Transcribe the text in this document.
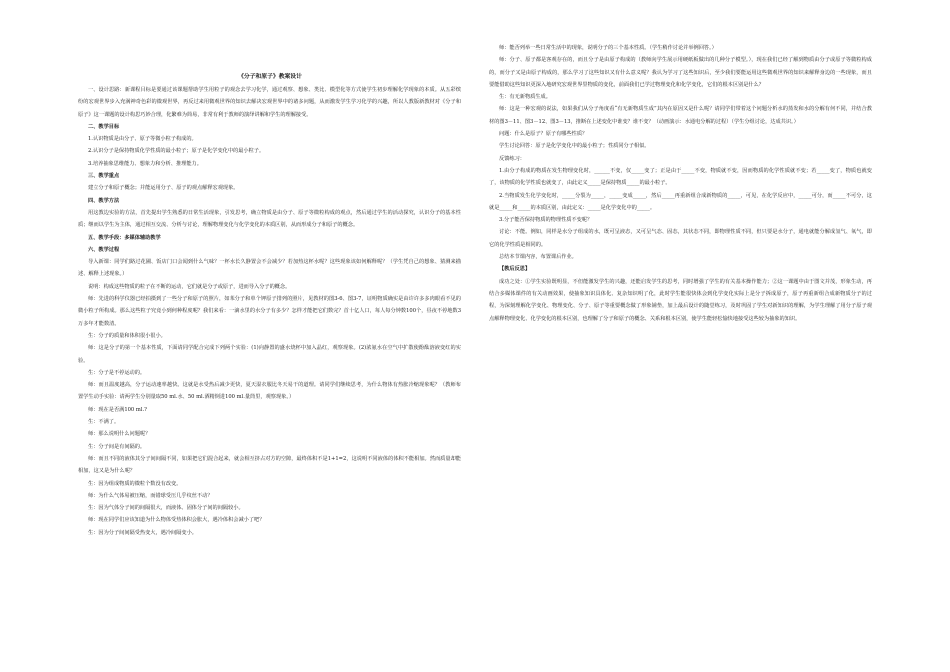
《分子和原子》教案设计

一、设计思路：新课程目标是要通过该课题帮助学生用粒子的观念去学习化学，通过观察、想象、类比、模型化等方式使学生初步理解化学现象的本质。从五彩缤纷的宏观世界步入充满神奇色彩的微观世界，再反过来用微观世界的知识去解决宏观世界中的诸多问题，从而激发学生学习化学的兴趣，所以人教版新教材对《分子和原子》这一课题的设计构思巧妙合理，化繁难为简易，非常有利于教师的演绎讲解和学生的理解接受。

二、教学目标

1.认识物质是由分子、原子等微小粒子构成的。

2.认识分子是保持物质化学性质的最小粒子；原子是化学变化中的最小粒子。

3.培养抽象思维能力、想象力和分析、推理能力。

三、教学重点

建立分子和原子概念；并能运用分子、原子的观点解释宏观现象。

四、教学方法

用这教边实验的方法，首先提出学生熟悉的日常生活现象，引发思考，确立物质是由分子、原子等微粒构成的观点，然后通过学生的活动探究，认识分子的基本性质；继而以学生为主体，通过相互交流、分析与讨论，理解物理变化与化学变化的本质区别，从而形成分子和原子的概念。

五、教学手段：多媒体辅助教学

六、教学过程

导入新课：同学们路过花圃、饭店门口会闻到什么气味？一杯水长久静置会不会减少？若加热这杯水呢？这些现象该如何解释呢？（学生凭自己的想象、猜测来描述、解释上述现象。）

说明：构成这些物质的粒子在不断的运动，它们就是分子或原子，进而导入分子的概念。

师：先进的科学仪器已经拍摄到了一些分子和原子的照片，如苯分子和单个钾原子排列的照片，见教材的图3-6、图3-7，证明物质确实是由许许多多肉眼看不见的微小粒子所构成。那么这些粒子究竟小到何种程度呢？我们来看：一滴水里的水分子有多少？怎样才能把它们数完？首十亿人口，每人每分钟数100个，昼夜不停地数3万多年才能数清。

生：分子的质量和体积很小很小。

师：这是分子的第一个基本性质，下面请同学配合完成下列两个实验：(1)向静置的盛水烧杯中加入晶红，观察现象。(2)浓氨水在空气中扩散使酚酞溶液变红的实验。

生：分子是不停运动的。

师：而且温度越高，分子运动速率越快。这就是水受热后减少更快，夏天湿衣服比冬天易干的道理。请同学们继续思考，为什么物体有热胀冷缩现象呢？（教师布置学生动手实验：请两学生分别量取50 ml.水、50 ml.酒精倒进100 ml.量筒里，观察现象。）

师：现在是否满100 ml.?

生：不满了。

师：那么说明什么问题呢？

生：分子间是有间隔的。

师：而且不同的液体其分子间间隔不同，如果把它们混合起来，就会相互挤占对方的空隙，最终体积不是1+1=2，这说明不同液体的体积不能相加。然而质量却能相加，这又是为什么呢？

生：因为组成物质的微粒个数没有改变。

师：为什么气体易被压缩，而错球受压几乎纹丝不动？

生：因为气体分子间的间隔很大，而液体、固体分子间的间隔较小。

师：现在同学们应该知道为什么物体受热体积会胀大，遇冷体积会减小了吧？

生：因为分子间间隔受热变大，遇冷间隔变小。

师：能否列举一些日常生活中的现象，说明分子的三个基本性质。（学生稍作讨论并举例回答。）

师：分子、原子都是客观存在的，而且分子是由原子构成的（教师向学生展示用硬纸板做出的几种分子模型。），现在我们已经了解到物质由分子或原子等微粒构成的，而分子又是由原子构成的，那么学习了这些知识又有什么意义呢？我认为学习了这些知识后，至少我们要能运用这些微观世界的知识来解释身边的一些现象，而且要能借助这些知识更深入地研究宏观世界里物质的变化，前面我们已学过物理变化和化学变化，它们的根本区别是什么？

生：有无新物质生成。

师：这是一种宏观的说法，如果我们从分子角度看“有无新物质生成”其内在原因又是什么呢？请同学们带着这个问题分析水的蒸发和水的分解有何不同，并结合教材的图3－11、图3－12、图3－13，推断在上述变化中谁变？谁不变？（动画演示：水通电分解的过程）（学生分组讨论，达成共识。）

问题：什么是原子？原子有哪些性质？

学生讨论回答：原子是化学变化中的最小粒子；性质同分子相似。

反馈练习：

1.由分子构成的物质在发生物理变化时，______不变，仅_____变了；正是由于_____不变，物质就不变，因而物质的化学性质就不变；若_____变了，物质也就变了，该物质的化学性质也就变了，由此定义_____是保持物质_____的最小粒子。

2.当物质发生化学变化时，_____分裂为_____，_____变成_____，然后_____再重新组合成新物质的_____，可见，在化学反应中，_____可分，而_____不可分，这就是_____和_____的本质区别，由此定义：_____是化学变化中的_____。

3.分子能否保持物质的物理性质不变呢？

讨论：不能。例如，同样是水分子组成的水，既可呈液态，又可呈气态、固态，其状态不同，即物理性质不同，但只要是水分子，通电就能分解成氢气、氧气，即它的化学性质是相同的。

总结本节课内容，布置课后作业。

【教后反思】

成功之处：①学生实验既明显，不但能激发学生的兴趣，还能启发学生的思考，同时增强了学生的有关基本操作能力；②这一课题中由于图文并茂，形象生动，再结合多媒体课件的有关动画效果，使抽象知识具体化、复杂知识明了化，此时学生能很快体会到化学变化实际上是分子拆成原子，原子再重新组合成新物质分子的过程，为深刻理解化学变化、物理变化、分子、原子等重要概念做了形象铺垫，加上最后设计的随堂练习，及时巩固了学生对新知识的理解，为学生理解了用分子原子观点解释物理变化、化学变化的根本区别，也理解了分子和原子的概念、关系和根本区别，使学生能轻松愉快地接受这些较为抽象的知识。
